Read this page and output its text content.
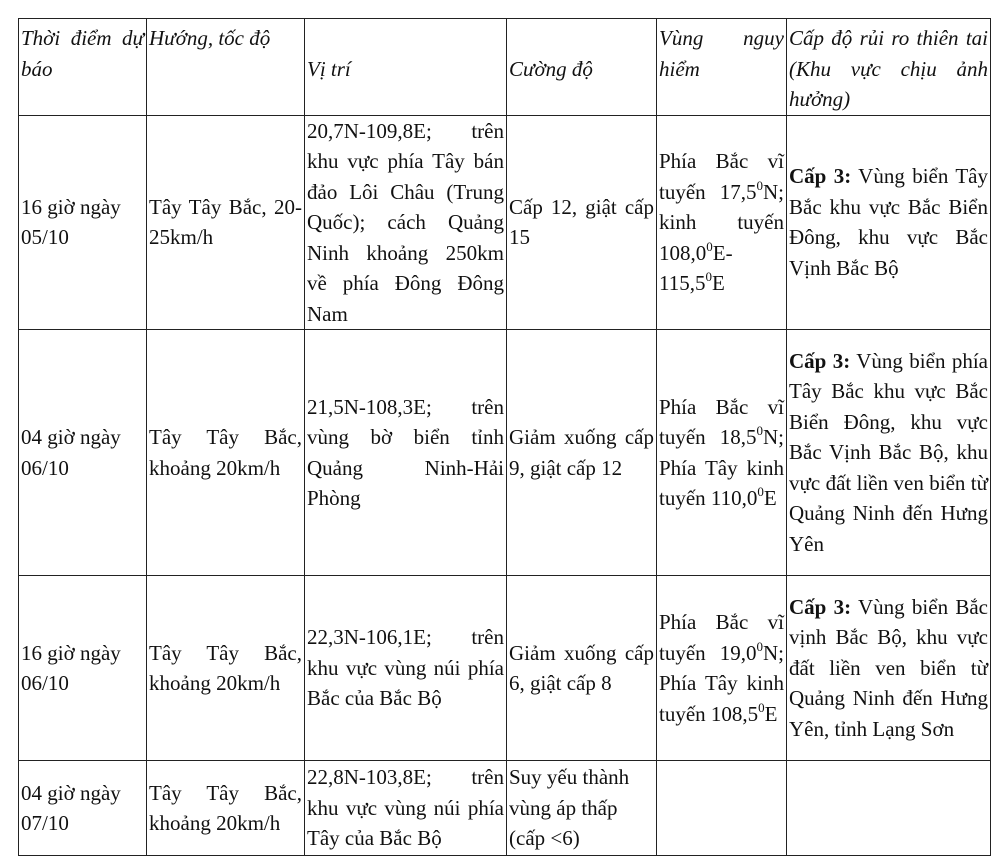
Thời điểm dự báo	Hướng, tốc độ	Vị trí	Cường độ	Vùng nguy hiểm	Cấp độ rủi ro thiên tai (Khu vực chịu ảnh hưởng)
16 giờ ngày 05/10	Tây Tây Bắc, 20-25km/h	20,7N-109,8E; trên khu vực phía Tây bán đảo Lôi Châu (Trung Quốc); cách Quảng Ninh khoảng 250km về phía Đông Đông Nam	Cấp 12, giật cấp 15	Phía Bắc vĩ tuyến 17,5$^0$N; kinh tuyến 108,0$^0$E- 115,5$^0$E	Cấp 3: Vùng biển Tây Bắc khu vực Bắc Biển Đông, khu vực Bắc Vịnh Bắc Bộ
04 giờ ngày 06/10	Tây Tây Bắc, khoảng 20km/h	21,5N-108,3E; trên vùng bờ biển tỉnh Quảng Ninh-Hải Phòng	Giảm xuống cấp 9, giật cấp 12	Phía Bắc vĩ tuyến 18,5$^0$N; Phía Tây kinh tuyến 110,0$^0$E	Cấp 3: Vùng biển phía Tây Bắc khu vực Bắc Biển Đông, khu vực Bắc Vịnh Bắc Bộ, khu vực đất liền ven biển từ Quảng Ninh đến Hưng Yên
16 giờ ngày 06/10	Tây Tây Bắc, khoảng 20km/h	22,3N-106,1E; trên khu vực vùng núi phía Bắc của Bắc Bộ	Giảm xuống cấp 6, giật cấp 8	Phía Bắc vĩ tuyến 19,0$^0$N; Phía Tây kinh tuyến 108,5$^0$E	Cấp 3: Vùng biển Bắc vịnh Bắc Bộ, khu vực đất liền ven biển từ Quảng Ninh đến Hưng Yên, tỉnh Lạng Sơn
04 giờ ngày 07/10	Tây Tây Bắc, khoảng 20km/h	22,8N-103,8E; trên khu vực vùng núi phía Tây của Bắc Bộ	Suy yếu thành vùng áp thấp (cấp <6)		
